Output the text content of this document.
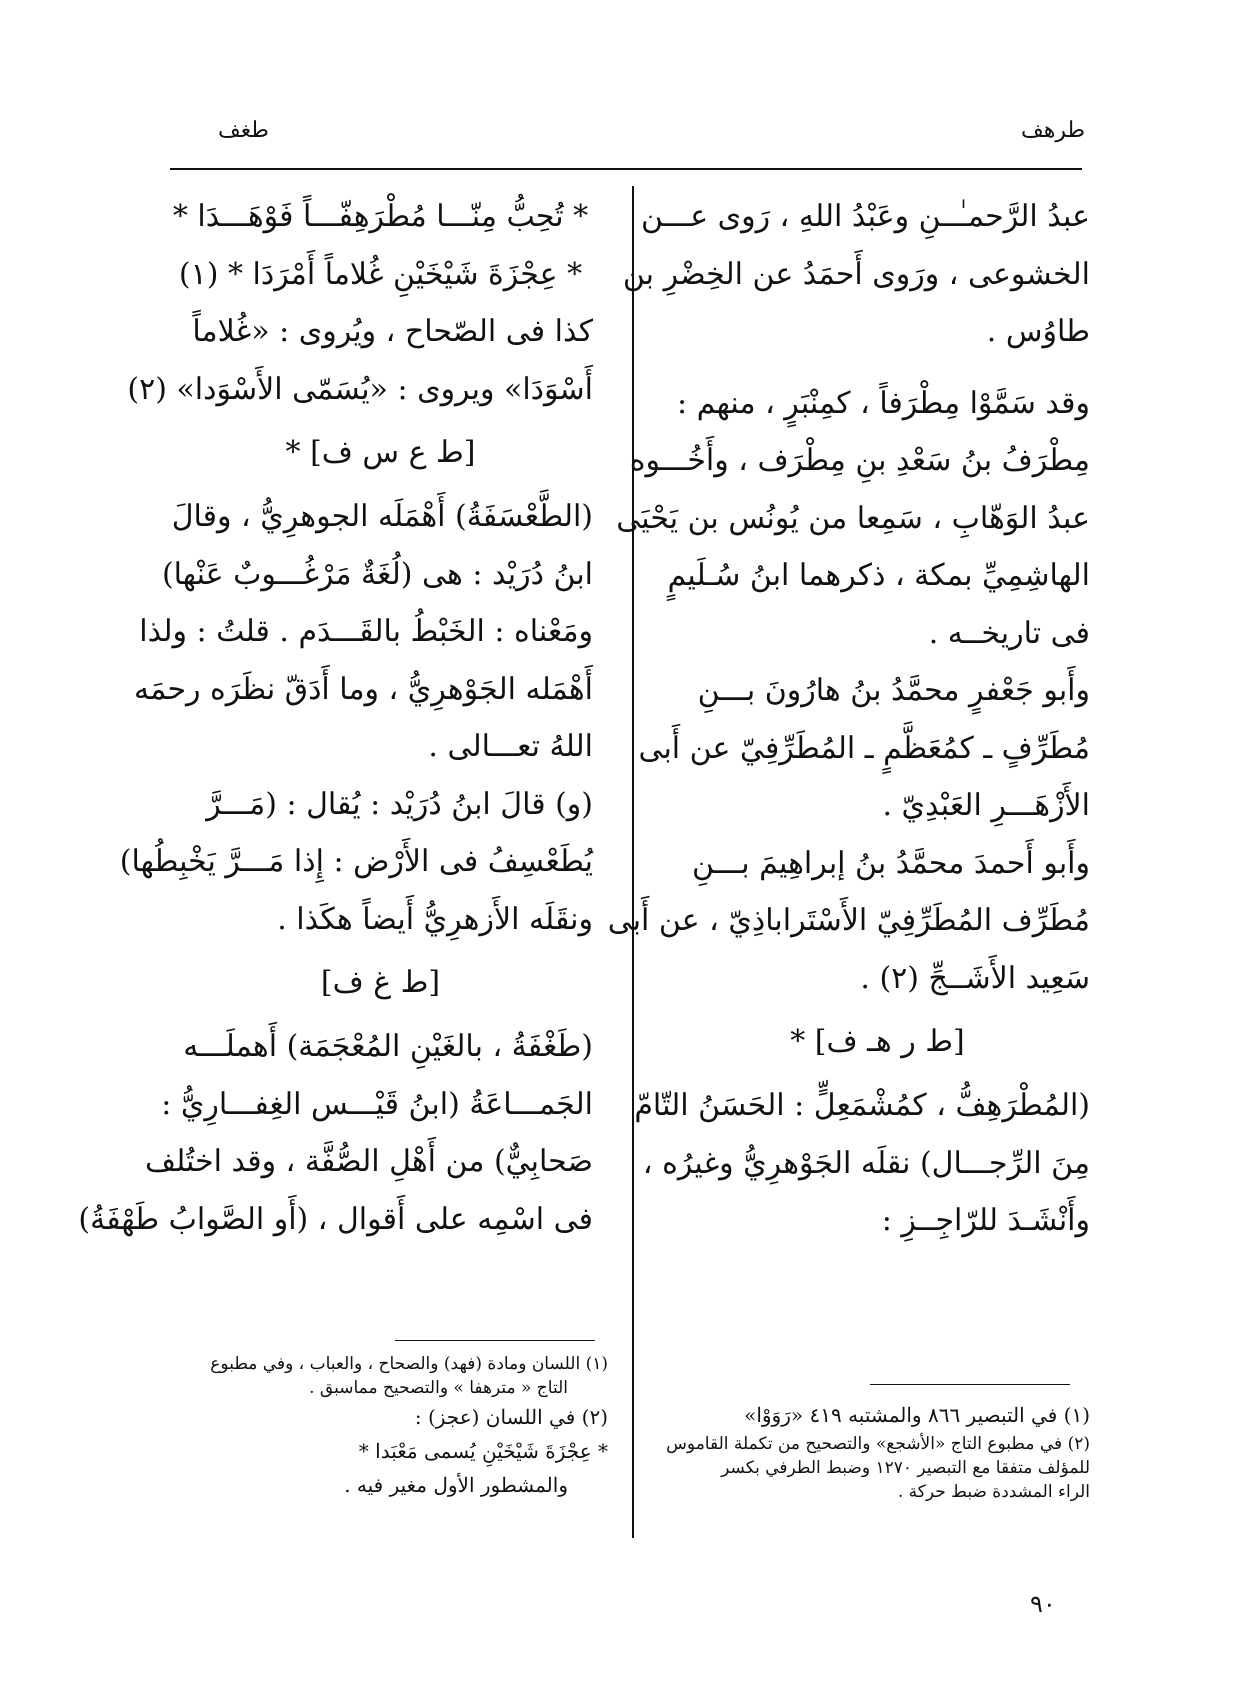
طرهف
طغف
عبدُ الرَّحمـٰــنِ وعَبْدُ اللهِ ، رَوى عـــن
الخشوعى ، ورَوى أَحمَدُ عن الخِضْرِ بن
طاوُس .
وقد سَمَّوْا مِطْرَفاً ، كمِنْبَرٍ ، منهم :
مِطْرَفُ بنُ سَعْدِ بنِ مِطْرَف ، وأَخُـــوه
عبدُ الوَهّابِ ، سَمِعا من يُونُس بن يَحْيَى
الهاشِمِيِّ بمكة ، ذكرهما ابنُ سُـلَيمٍ
فى تاريخــه .
وأَبو جَعْفرٍ محمَّدُ بنُ هارُونَ بـــنِ
مُطَرِّفٍ ـ كمُعَظَّمٍ ـ المُطَرِّفِيّ عن أَبى
الأَزْهَـــرِ العَبْدِيّ .
وأَبو أَحمدَ محمَّدُ بنُ إبراهِيمَ بـــنِ
مُطَرِّف المُطَرِّفِيّ الأَسْتَراباذِيّ ، عن أَبى
سَعِيد الأَشَــجِّ (٢) .
[ط ر هـ ف] *
(المُطْرَهِفُّ ، كمُشْمَعِلٍّ : الحَسَنُ التّامّ
مِنَ الرِّجـــال) نقلَه الجَوْهرِيُّ وغيرُه ،
وأَنْشَـدَ للرّاجِــزِ :
* تُحِبُّ مِنّـــا مُطْرَهِفّـــاً فَوْهَـــدَا *
* عِجْزَةَ شَيْخَيْنِ غُلاماً أَمْرَدَا * (١)
كذا فى الصّحاح ، ويُروى : «غُلاماً
أَسْوَدَا» ويروى : «يُسَمّى الأَسْوَدا» (٢)
[ط ع س ف] *
(الطَّعْسَفَةُ) أَهْمَلَه الجوهرِيُّ ، وقالَ
ابنُ دُرَيْد : هى (لُغَةٌ مَرْغُـــوبٌ عَنْها)
ومَعْناه : الخَبْطُ بالقَـــدَم . قلتُ : ولذا
أَهْمَله الجَوْهرِيُّ ، وما أَدَقّ نظَرَه رحمَه
اللهُ تعـــالى .
(و) قالَ ابنُ دُرَيْد : يُقال : (مَـــرَّ
يُطَعْسِفُ فى الأَرْض : إِذا مَـــرَّ يَخْبِطُها)
ونقَلَه الأَزهرِيُّ أَيضاً هكَذا .
[ط غ ف]
(طَغْفَةُ ، بالغَيْنِ المُعْجَمَة) أَهملَـــه
الجَمـــاعَةُ (ابنُ قَيْـــس الغِفـــارِيُّ :
صَحابِيٌّ) من أَهْلِ الصُّفَّة ، وقد اختُلف
فى اسْمِه على أَقوال ، (أَو الصَّوابُ طَهْفَةُ)
(١) في التبصير ٨٦٦ والمشتبه ٤١٩ «رَوَوْا»
(٢) في مطبوع التاج «الأشجع» والتصحيح من تكملة القاموس
للمؤلف متفقا مع التبصير ١٢٧٠ وضبط الطرفي بكسر
الراء المشددة ضبط حركة .
(١) اللسان ومادة (فهد) والصحاح ، والعباب ، وفي مطبوع
التاج « مترهفا » والتصحيح مماسبق .
(٢) في اللسان (عجز) :
* عِجْزَةَ شَيْخَيْنِ يُسمى مَعْبَدا *
والمشطور الأول مغير فيه .
٩٠
